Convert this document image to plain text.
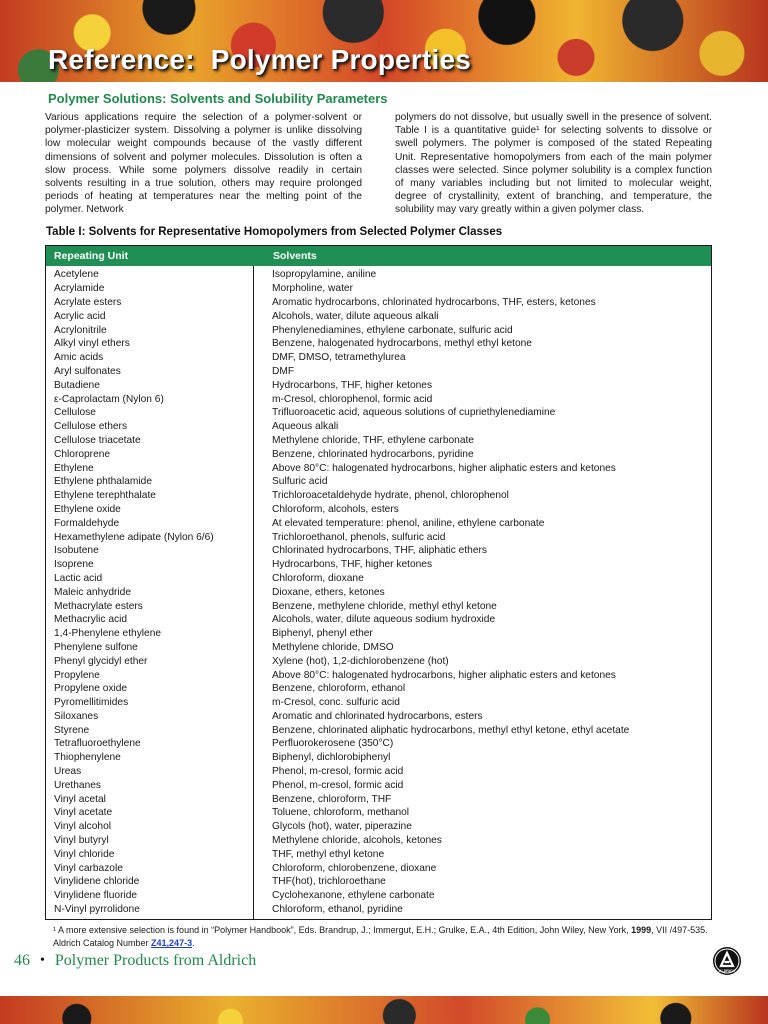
Reference:  Polymer Properties
Polymer Solutions: Solvents and Solubility Parameters

Various applications require the selection of a polymer-solvent or polymer-plasticizer system. Dissolving a polymer is unlike dissolving low molecular weight compounds because of the vastly different dimensions of solvent and polymer molecules. Dissolution is often a slow process. While some polymers dissolve readily in certain solvents resulting in a true solution, others may require prolonged periods of heating at temperatures near the melting point of the polymer. Network

polymers do not dissolve, but usually swell in the presence of solvent. Table I is a quantitative guide¹ for selecting solvents to dissolve or swell polymers. The polymer is composed of the stated Repeating Unit. Representative homopolymers from each of the main polymer classes were selected. Since polymer solubility is a complex function of many variables including but not limited to molecular weight, degree of crystallinity, extent of branching, and temperature, the solubility may vary greatly within a given polymer class.

Table I: Solvents for Representative Homopolymers from Selected Polymer Classes

Repeating Unit	Solvents
Acetylene	Isopropylamine, aniline
Acrylamide	Morpholine, water
Acrylate esters	Aromatic hydrocarbons, chlorinated hydrocarbons, THF, esters, ketones
Acrylic acid	Alcohols, water, dilute aqueous alkali
Acrylonitrile	Phenylenediamines, ethylene carbonate, sulfuric acid
Alkyl vinyl ethers	Benzene, halogenated hydrocarbons, methyl ethyl ketone
Amic acids	DMF, DMSO, tetramethylurea
Aryl sulfonates	DMF
Butadiene	Hydrocarbons, THF, higher ketones
ε-Caprolactam (Nylon 6)	m-Cresol, chlorophenol, formic acid
Cellulose	Trifluoroacetic acid, aqueous solutions of cupriethylenediamine
Cellulose ethers	Aqueous alkali
Cellulose triacetate	Methylene chloride, THF, ethylene carbonate
Chloroprene	Benzene, chlorinated hydrocarbons, pyridine
Ethylene	Above 80°C: halogenated hydrocarbons, higher aliphatic esters and ketones
Ethylene phthalamide	Sulfuric acid
Ethylene terephthalate	Trichloroacetaldehyde hydrate, phenol, chlorophenol
Ethylene oxide	Chloroform, alcohols, esters
Formaldehyde	At elevated temperature: phenol, aniline, ethylene carbonate
Hexamethylene adipate (Nylon 6/6)	Trichloroethanol, phenols, sulfuric acid
Isobutene	Chlorinated hydrocarbons, THF, aliphatic ethers
Isoprene	Hydrocarbons, THF, higher ketones
Lactic acid	Chloroform, dioxane
Maleic anhydride	Dioxane, ethers, ketones
Methacrylate esters	Benzene, methylene chloride, methyl ethyl ketone
Methacrylic acid	Alcohols, water, dilute aqueous sodium hydroxide
1,4-Phenylene ethylene	Biphenyl, phenyl ether
Phenylene sulfone	Methylene chloride, DMSO
Phenyl glycidyl ether	Xylene (hot), 1,2-dichlorobenzene (hot)
Propylene	Above 80°C: halogenated hydrocarbons, higher aliphatic esters and ketones
Propylene oxide	Benzene, chloroform, ethanol
Pyromellitimides	m-Cresol, conc. sulfuric acid
Siloxanes	Aromatic and chlorinated hydrocarbons, esters
Styrene	Benzene, chlorinated aliphatic hydrocarbons, methyl ethyl ketone, ethyl acetate
Tetrafluoroethylene	Perfluorokerosene (350°C)
Thiophenylene	Biphenyl, dichlorobiphenyl
Ureas	Phenol, m-cresol, formic acid
Urethanes	Phenol, m-cresol, formic acid
Vinyl acetal	Benzene, chloroform, THF
Vinyl acetate	Toluene, chloroform, methanol
Vinyl alcohol	Glycols (hot), water, piperazine
Vinyl butyryl	Methylene chloride, alcohols, ketones
Vinyl chloride	THF, methyl ethyl ketone
Vinyl carbazole	Chloroform, chlorobenzene, dioxane
Vinylidene chloride	THF(hot), trichloroethane
Vinylidene fluoride	Cyclohexanone, ethylene carbonate
N-Vinyl pyrrolidone	Chloroform, ethanol, pyridine

¹ A more extensive selection is found in “Polymer Handbook”, Eds. Brandrup, J.; Immergut, E.H.; Grulke, E.A., 4th Edition, John Wiley, New York, 1999, VII /497-535. Aldrich Catalog Number Z41,247-3.

46 • Polymer Products from Aldrich
ALDRICH
